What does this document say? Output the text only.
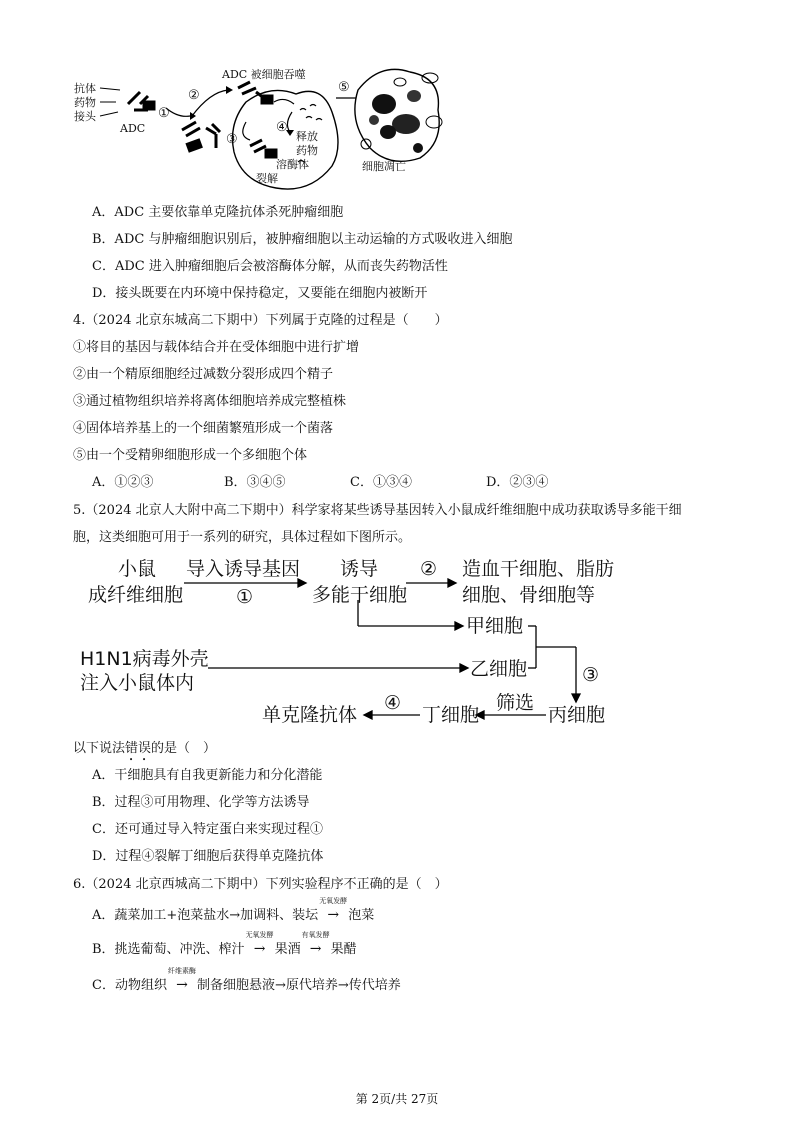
抗体
药物
接头
ADC
①
②
ADC 被细胞吞噬
③
④
释放
药物
溶酶体
裂解
⑤
细胞凋亡
A．ADC 主要依靠单克隆抗体杀死肿瘤细胞
B．ADC 与肿瘤细胞识别后，被肿瘤细胞以主动运输的方式吸收进入细胞
C．ADC 进入肿瘤细胞后会被溶酶体分解，从而丧失药物活性
D．接头既要在内环境中保持稳定，又要能在细胞内被断开
4.（2024 北京东城高二下期中）下列属于克隆的过程是（　　）
①将目的基因与载体结合并在受体细胞中进行扩增
②由一个精原细胞经过减数分裂形成四个精子
③通过植物组织培养将离体细胞培养成完整植株
④固体培养基上的一个细菌繁殖形成一个菌落
⑤由一个受精卵细胞形成一个多细胞个体
A．①②③	B．③④⑤	C．①③④	D．②③④
5.（2024 北京人大附中高二下期中）科学家将某些诱导基因转入小鼠成纤维细胞中成功获取诱导多能干细
胞，这类细胞可用于一系列的研究，具体过程如下图所示。
小鼠
成纤维细胞
导入诱导基因
①
诱导
多能干细胞
② 造血干细胞、脂肪
细胞、骨细胞等
甲细胞
H1N1病毒外壳
注入小鼠体内
乙细胞	③
筛选
丙细胞
丁细胞
④
单克隆抗体
以下说法错误的是（　）
A．干细胞具有自我更新能力和分化潜能
B．过程③可用物理、化学等方法诱导
C．还可通过导入特定蛋白来实现过程①
D．过程④裂解丁细胞后获得单克隆抗体
6.（2024 北京西城高二下期中）下列实验程序不正确的是（　）
A．蔬菜加工+泡菜盐水→加调料、装坛
无氧发酵
→ 泡菜
B．挑选葡萄、冲洗、榨汁
无氧发酵
→ 果酒
有氧发酵
→ 果醋
C．动物组织
纤维素酶
→ 制备细胞悬液→原代培养→传代培养
第 2页/共 27页
